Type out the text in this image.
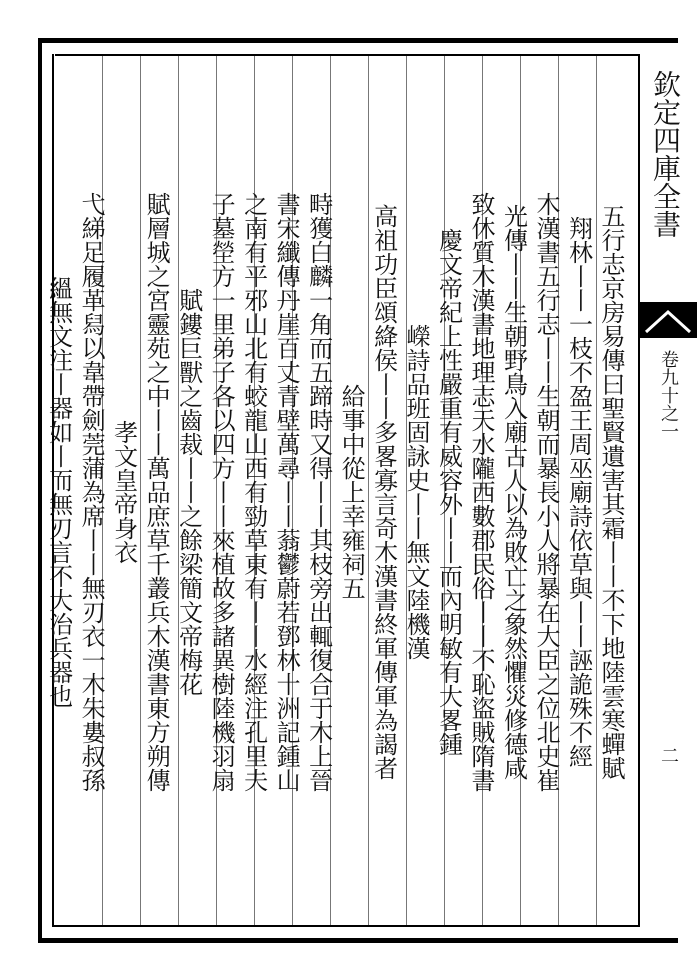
欽定四庫全書
卷九十之一
二
五行志京房易傳曰聖賢遺害其霜丨丨不下地陸雲寒蟬賦
翔林丨丨一枝不盈王周巫廟詩依草與丨丨誣詭殊不經
木漢書五行志丨丨生朝而暴長小人將暴在大臣之位北史崔
光傳丨丨生朝野鳥入廟古人以為敗亡之象然懼災修德咸
致休質木漢書地理志天水隴西數郡民俗丨丨不恥盜賊隋書
慶文帝紀上性嚴重有威容外丨丨而內明敏有大畧鍾
嶸詩品班固詠史丨丨無文陸機漢
高祖功臣頌絳侯丨丨多畧寡言奇木漢書終軍傳軍為謁者
給事中從上幸雍祠五
畤獲白麟一角而五蹄時又得丨丨其枝旁出輒復合于木上晉
書宋纖傳丹崖百丈青壁萬尋丨丨蓊鬱蔚若鄧林十洲記鍾山
之南有平邪山北有蛟龍山西有勁草東有丨丨水經注孔里夫
子墓塋方一里弟子各以四方丨丨來植故多諸異樹陸機羽扇
賦鏤巨獸之齒裁丨丨之餘梁簡文帝梅花
賦層城之宮靈苑之中丨丨萬品庶草千叢兵木漢書東方朔傳
孝文皇帝身衣
弋綈足履革舄以韋帶劍莞蒲為席丨丨無刃衣一木朱婁叔孫
縕無文注丨器如丨而無刃言不大治兵器也
